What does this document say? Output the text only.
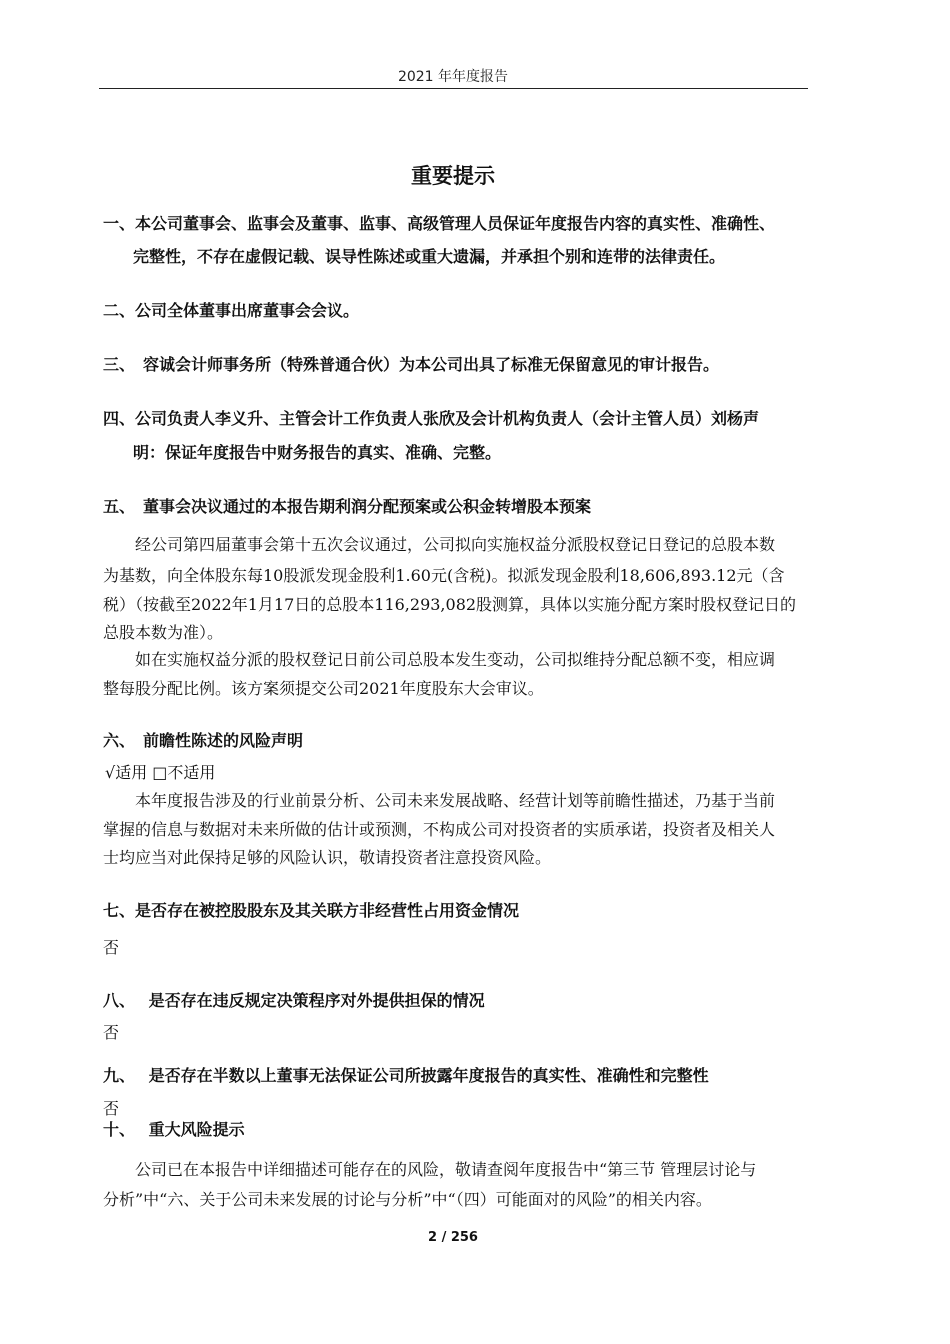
2021 年年度报告
重要提示
一、本公司董事会、监事会及董事、监事、高级管理人员保证年度报告内容的真实性、准确性、
完整性，不存在虚假记载、误导性陈述或重大遗漏，并承担个别和连带的法律责任。
二、公司全体董事出席董事会会议。
三、　容诚会计师事务所（特殊普通合伙）为本公司出具了标准无保留意见的审计报告。
四、公司负责人李义升、主管会计工作负责人张欣及会计机构负责人（会计主管人员）刘杨声
明：保证年度报告中财务报告的真实、准确、完整。
五、　董事会决议通过的本报告期利润分配预案或公积金转增股本预案
经公司第四届董事会第十五次会议通过，公司拟向实施权益分派股权登记日登记的总股本数
为基数，向全体股东每10股派发现金股利1.60元(含税)。拟派发现金股利18,606,893.12元（含
税）（按截至2022年1月17日的总股本116,293,082股测算，具体以实施分配方案时股权登记日的
总股本数为准）。
如在实施权益分派的股权登记日前公司总股本发生变动，公司拟维持分配总额不变，相应调
整每股分配比例。该方案须提交公司2021年度股东大会审议。
六、　前瞻性陈述的风险声明
√适用 □不适用
本年度报告涉及的行业前景分析、公司未来发展战略、经营计划等前瞻性描述，乃基于当前
掌握的信息与数据对未来所做的估计或预测，不构成公司对投资者的实质承诺，投资者及相关人
士均应当对此保持足够的风险认识，敬请投资者注意投资风险。
七、是否存在被控股股东及其关联方非经营性占用资金情况
否
八、　 是否存在违反规定决策程序对外提供担保的情况
否
九、　 是否存在半数以上董事无法保证公司所披露年度报告的真实性、准确性和完整性
否
十、　 重大风险提示
公司已在本报告中详细描述可能存在的风险，敬请查阅年度报告中“第三节 管理层讨论与
分析”中“六、关于公司未来发展的讨论与分析”中“（四）可能面对的风险”的相关内容。
2 / 256
